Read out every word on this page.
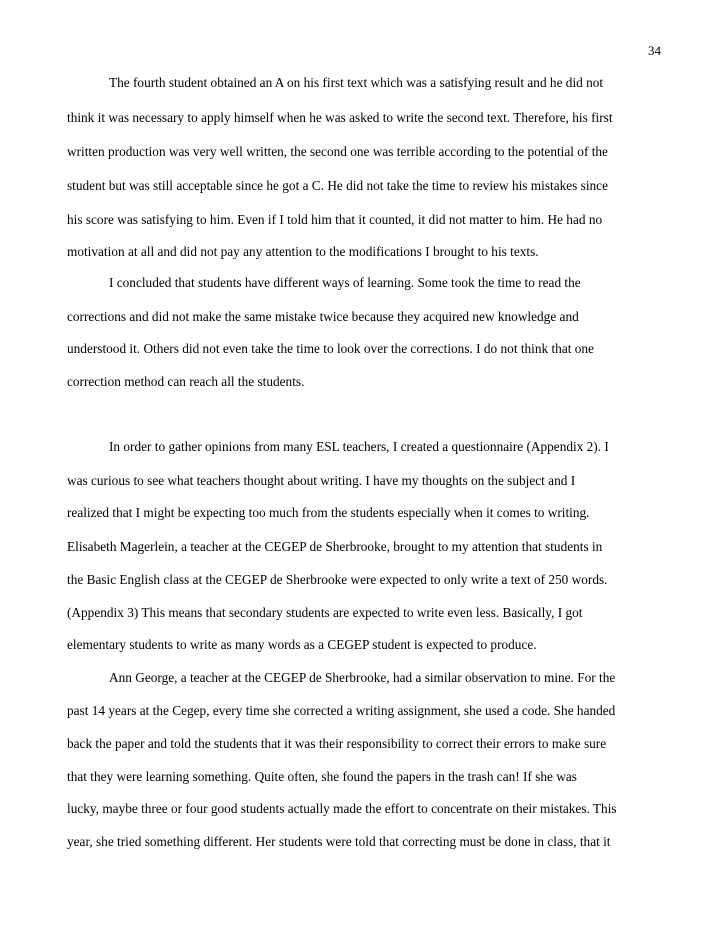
34
The fourth student obtained an A on his first text which was a satisfying result and he did not
think it was necessary to apply himself when he was asked to write the second text. Therefore, his first
written production was very well written, the second one was terrible according to the potential of the
student but was still acceptable since he got a C. He did not take the time to review his mistakes since
his score was satisfying to him. Even if I told him that it counted, it did not matter to him. He had no
motivation at all and did not pay any attention to the modifications I brought to his texts.
I concluded that students have different ways of learning. Some took the time to read the
corrections and did not make the same mistake twice because they acquired new knowledge and
understood it. Others did not even take the time to look over the corrections. I do not think that one
correction method can reach all the students.
In order to gather opinions from many ESL teachers, I created a questionnaire (Appendix 2). I
was curious to see what teachers thought about writing. I have my thoughts on the subject and I
realized that I might be expecting too much from the students especially when it comes to writing.
Elisabeth Magerlein, a teacher at the CEGEP de Sherbrooke, brought to my attention that students in
the Basic English class at the CEGEP de Sherbrooke were expected to only write a text of 250 words.
(Appendix 3) This means that secondary students are expected to write even less. Basically, I got
elementary students to write as many words as a CEGEP student is expected to produce.
Ann George, a teacher at the CEGEP de Sherbrooke, had a similar observation to mine. For the
past 14 years at the Cegep, every time she corrected a writing assignment, she used a code. She handed
back the paper and told the students that it was their responsibility to correct their errors to make sure
that they were learning something. Quite often, she found the papers in the trash can! If she was
lucky, maybe three or four good students actually made the effort to concentrate on their mistakes. This
year, she tried something different. Her students were told that correcting must be done in class, that it
